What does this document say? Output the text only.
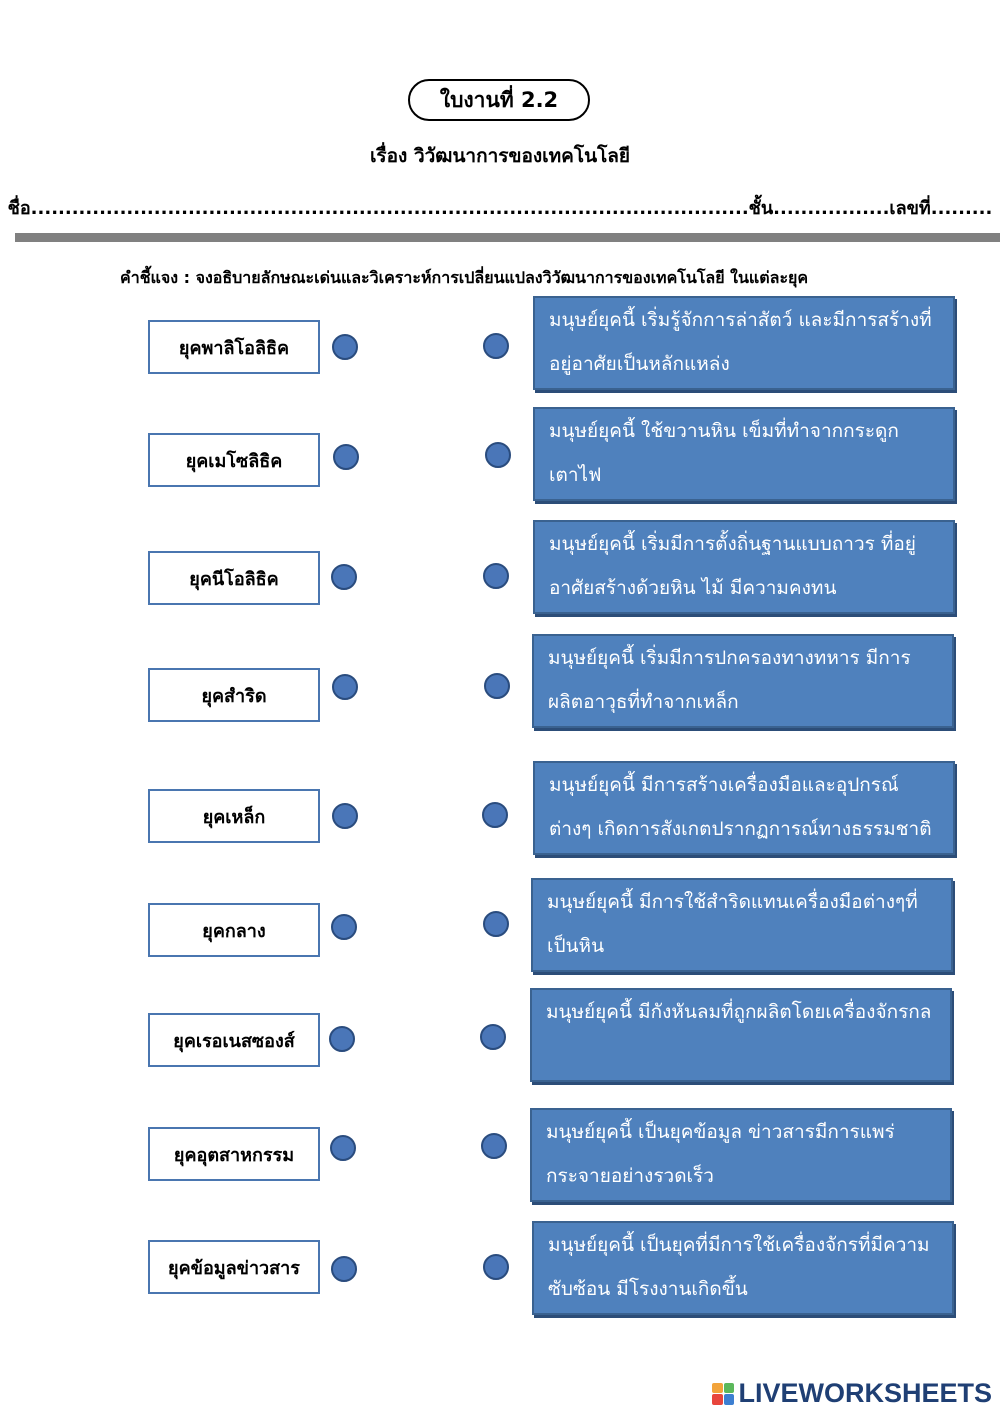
ใบงานที่ 2.2
เรื่อง วิวัฒนาการของเทคโนโลยี
ชื่อ.........................................................................................................ชั้น.................เลขที่.........
คำชี้แจง : จงอธิบายลักษณะเด่นและวิเคราะห์การเปลี่ยนแปลงวิวัฒนาการของเทคโนโลยี ในแต่ละยุค
ยุคพาลิโอลิธิค
ยุคเมโซลิธิค
ยุคนีโอลิธิค
ยุคสำริด
ยุคเหล็ก
ยุคกลาง
ยุคเรอเนสซองส์
ยุคอุตสาหกรรม
ยุคข้อมูลข่าวสาร
มนุษย์ยุคนี้ เริ่มรู้จักการล่าสัตว์ และมีการสร้างที่อยู่อาศัยเป็นหลักแหล่ง
มนุษย์ยุคนี้ ใช้ขวานหิน เข็มที่ทำจากกระดูก เตาไฟ
มนุษย์ยุคนี้ เริ่มมีการตั้งถิ่นฐานแบบถาวร ที่อยู่อาศัยสร้างด้วยหิน ไม้ มีความคงทน
มนุษย์ยุคนี้ เริ่มมีการปกครองทางทหาร มีการผลิตอาวุธที่ทำจากเหล็ก
มนุษย์ยุคนี้ มีการสร้างเครื่องมือและอุปกรณ์ต่างๆ เกิดการสังเกตปรากฏการณ์ทางธรรมชาติ
มนุษย์ยุคนี้ มีการใช้สำริดแทนเครื่องมือต่างๆที่เป็นหิน
มนุษย์ยุคนี้ มีกังหันลมที่ถูกผลิตโดยเครื่องจักรกล
มนุษย์ยุคนี้ เป็นยุคข้อมูล ข่าวสารมีการแพร่กระจายอย่างรวดเร็ว
มนุษย์ยุคนี้ เป็นยุคที่มีการใช้เครื่องจักรที่มีความซับซ้อน มีโรงงานเกิดขึ้น
LIVEWORKSHEETS
